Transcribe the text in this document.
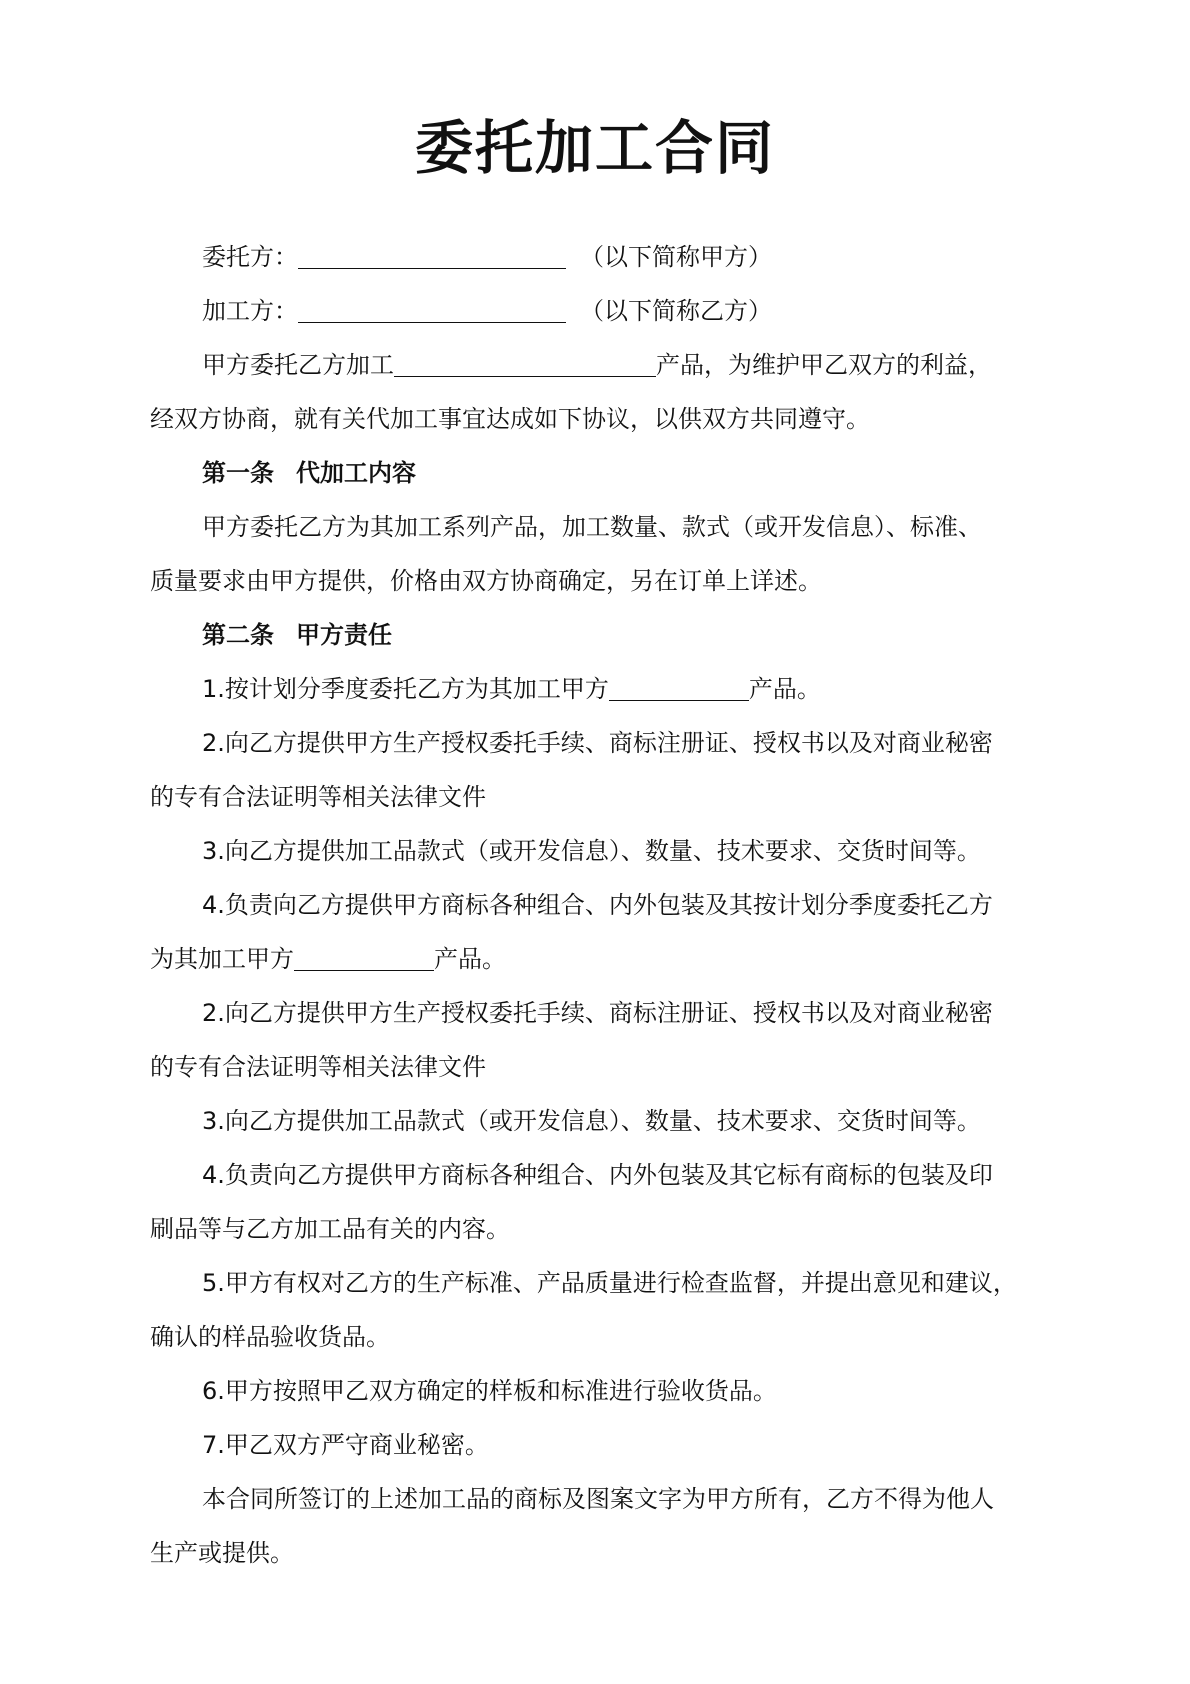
委托加工合同
委托方：	（以下简称甲方）
加工方：	（以下简称乙方）
甲方委托乙方加工	产品，为维护甲乙双方的利益，
经双方协商，就有关代加工事宜达成如下协议，以供双方共同遵守。
第一条 代加工内容
甲方委托乙方为其加工系列产品，加工数量、款式（或开发信息）、标准、
质量要求由甲方提供，价格由双方协商确定，另在订单上详述。
第二条 甲方责任
1.按计划分季度委托乙方为其加工甲方	产品。
2.向乙方提供甲方生产授权委托手续、商标注册证、授权书以及对商业秘密
的专有合法证明等相关法律文件
3.向乙方提供加工品款式（或开发信息）、数量、技术要求、交货时间等。
4.负责向乙方提供甲方商标各种组合、内外包装及其按计划分季度委托乙方
为其加工甲方	产品。
2.向乙方提供甲方生产授权委托手续、商标注册证、授权书以及对商业秘密
的专有合法证明等相关法律文件
3.向乙方提供加工品款式（或开发信息）、数量、技术要求、交货时间等。
4.负责向乙方提供甲方商标各种组合、内外包装及其它标有商标的包装及印
刷品等与乙方加工品有关的内容。
5.甲方有权对乙方的生产标准、产品质量进行检查监督，并提出意见和建议，
确认的样品验收货品。
6.甲方按照甲乙双方确定的样板和标准进行验收货品。
7.甲乙双方严守商业秘密。
本合同所签订的上述加工品的商标及图案文字为甲方所有，乙方不得为他人
生产或提供。
